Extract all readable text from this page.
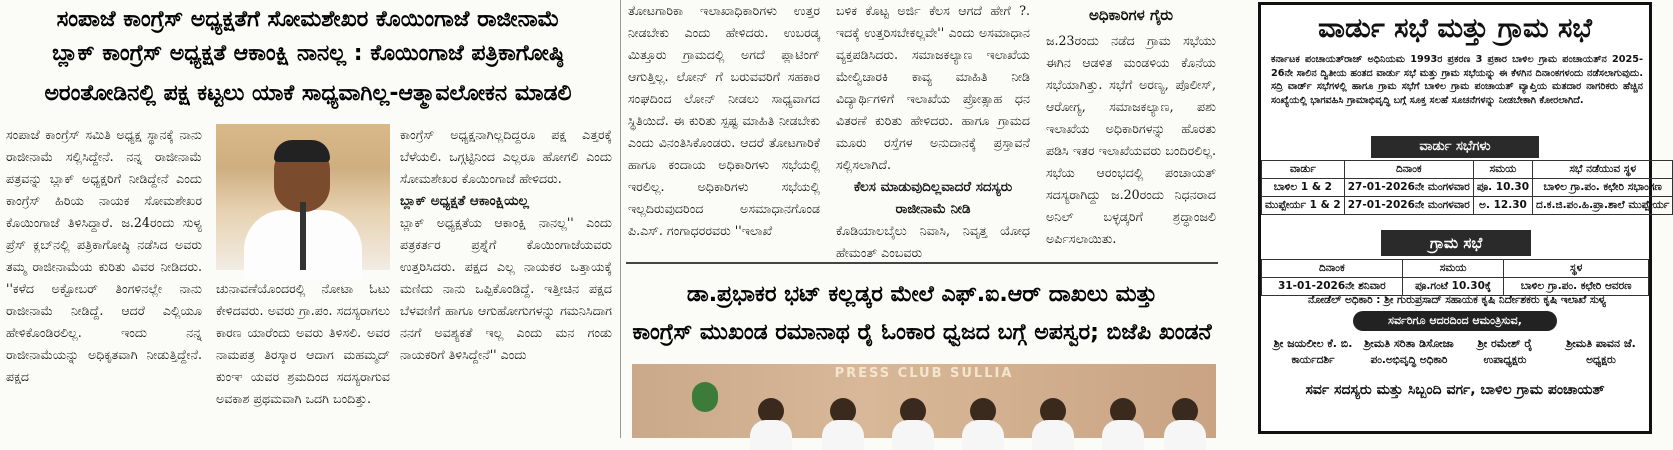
ಸಂಪಾಜೆ ಕಾಂಗ್ರೆಸ್ ಅಧ್ಯಕ್ಷತೆಗೆ ಸೋಮಶೇಖರ ಕೊಯಿಂಗಾಜೆ ರಾಜೀನಾಮೆ
ಬ್ಲಾಕ್ ಕಾಂಗ್ರೆಸ್ ಅಧ್ಯಕ್ಷತೆ ಆಕಾಂಕ್ಷಿ ನಾನಲ್ಲ : ಕೊಯಿಂಗಾಜೆ ಪತ್ರಿಕಾಗೋಷ್ಠಿ
ಅರಂತೋಡಿನಲ್ಲಿ ಪಕ್ಷ ಕಟ್ಟಲು ಯಾಕೆ ಸಾಧ್ಯವಾಗಿಲ್ಲ-ಆತ್ಮಾವಲೋಕನ ಮಾಡಲಿ
ಸಂಪಾಜೆ ಕಾಂಗ್ರೆಸ್ ಸಮಿತಿ ಅಧ್ಯಕ್ಷ ಸ್ಥಾನಕ್ಕೆ ನಾನು ರಾಜೀನಾಮೆ ಸಲ್ಲಿಸಿದ್ದೇನೆ. ನನ್ನ ರಾಜೀನಾಮೆ ಪತ್ರವನ್ನು ಬ್ಲಾಕ್ ಅಧ್ಯಕ್ಷರಿಗೆ ನೀಡಿದ್ದೇನೆ ಎಂದು ಕಾಂಗ್ರೆಸ್ ಹಿರಿಯ ನಾಯಕ ಸೋಮಶೇಖರ ಕೊಯಿಂಗಾಜೆ ತಿಳಿಸಿದ್ದಾರೆ. ಜ.24ರಂದು ಸುಳ್ಯ ಪ್ರೆಸ್ ಕ್ಲಬ್‌ನಲ್ಲಿ ಪತ್ರಿಕಾಗೋಷ್ಠಿ ನಡೆಸಿದ ಅವರು ತಮ್ಮ ರಾಜೀನಾಮೆಯ ಕುರಿತು ವಿವರ ನೀಡಿದರು. ''ಕಳೆದ ಅಕ್ಟೋಬರ್ ತಿಂಗಳಿನಲ್ಲೇ ನಾನು ರಾಜೀನಾಮೆ ನೀಡಿದ್ದೆ. ಆದರೆ ಎಲ್ಲಿಯೂ ಹೇಳಿಕೊಂಡಿರಲಿಲ್ಲ. ಇಂದು ನನ್ನ ರಾಜೀನಾಮೆಯನ್ನು ಅಧಿಕೃತವಾಗಿ ನೀಡುತ್ತಿದ್ದೇನೆ. ಪಕ್ಷದ
ಚುನಾವಣೆಯೊಂದರಲ್ಲಿ ನೋಟಾ ಓಟು ಕೇಳಿದವರು. ಅವರು ಗ್ರಾ.ಪಂ. ಸದಸ್ಯರಾಗಲು ಕಾರಣ ಯಾರೆಂದು ಅವರು ತಿಳಿಸಲಿ. ಅವರ ನಾಮಪತ್ರ ತಿರಸ್ಕಾರ ಆದಾಗ ಮಹಮ್ಮದ್ ಕುಂಞ ಯವರ ಶ್ರಮದಿಂದ ಸದಸ್ಯರಾಗುವ ಅವಕಾಶ ಪ್ರಥಮವಾಗಿ ಒದಗಿ ಬಂದಿತ್ತು.
ಕಾಂಗ್ರೆಸ್ ಅಧ್ಯಕ್ಷನಾಗಿಲ್ಲದಿದ್ದರೂ ಪಕ್ಷ ಎತ್ತರಕ್ಕೆ ಬೆಳೆಯಲಿ. ಒಗ್ಗಟ್ಟಿನಿಂದ ಎಲ್ಲರೂ ಹೋಗಲಿ ಎಂದು ಸೋಮಶೇಖರ ಕೊಯಿಂಗಾಜೆ ಹೇಳಿದರು.
ಬ್ಲಾಕ್ ಅಧ್ಯಕ್ಷತೆ ಆಕಾಂಕ್ಷಿಯಲ್ಲ
ಬ್ಲಾಕ್ ಅಧ್ಯಕ್ಷತೆಯ ಆಕಾಂಕ್ಷಿ ನಾನಲ್ಲ'' ಎಂದು ಪತ್ರಕರ್ತರ ಪ್ರಶ್ನೆಗೆ ಕೊಯಿಂಗಾಜೆಯವರು ಉತ್ತರಿಸಿದರು. ಪಕ್ಷದ ಎಲ್ಲ ನಾಯಕರ ಒತ್ತಾಯಕ್ಕೆ ಮಣಿದು ನಾನು ಒಪ್ಪಿಕೊಂಡಿದ್ದೆ. ಇತ್ತೀಚಿನ ಪಕ್ಷದ ಬೆಳವಣಿಗೆ ಹಾಗೂ ಆಗುಹೋಗುಗಳನ್ನು ಗಮನಿಸಿದಾಗ ನನಗೆ ಅವಶ್ಯಕತೆ ಇಲ್ಲ ಎಂದು ಮನ ಗಂಡು ನಾಯಕರಿಗೆ ತಿಳಿಸಿದ್ದೇನೆ'' ಎಂದು
ತೋಟಗಾರಿಕಾ ಇಲಾಖಾಧಿಕಾರಿಗಳು ಉತ್ತರ ನೀಡಬೇಕು ಎಂದು ಹೇಳಿದರು. ಉಬರಡ್ಕ ಮಿತ್ತೂರು ಗ್ರಾಮದಲ್ಲಿ ಅಗದೆ ಪ್ಲಾಟಿಂಗ್ ಆಗುತ್ತಿಲ್ಲ. ಲೋನ್ ಗೆ ಬರುವವರಿಗೆ ಸಹಕಾರ ಸಂಘದಿಂದ ಲೋನ್ ನೀಡಲು ಸಾಧ್ಯವಾಗದ ಸ್ಥಿತಿಯಿದೆ. ಈ ಕುರಿತು ಸ್ಪಷ್ಟ ಮಾಹಿತಿ ನೀಡಬೇಕು ಎಂದು ವಿನಂತಿಸಿಕೊಂಡರು. ಆದರೆ ತೋಟಗಾರಿಕೆ ಹಾಗೂ ಕಂದಾಯ ಅಧಿಕಾರಿಗಳು ಸಭೆಯಲ್ಲಿ ಇರಲಿಲ್ಲ. ಅಧಿಕಾರಿಗಳು ಸಭೆಯಲ್ಲಿ ಇಲ್ಲದಿರುವುದರಿಂದ ಅಸಮಾಧಾನಗೊಂಡ ಪಿ.ಎಸ್. ಗಂಗಾಧರರವರು ''ಇಲಾಖೆ
ಬಳಿಕ ಕೊಟ್ಟ ಅರ್ಜಿ ಕೆಲಸ ಆಗದೆ ಹೇಗೆ ?. ಇದಕ್ಕೆ ಉತ್ತರಿಸಬೇಕಲ್ಲವೇ'' ಎಂದು ಅಸಮಾಧಾನ ವ್ಯಕ್ತಪಡಿಸಿದರು. ಸಮಾಜಕಲ್ಯಾಣ ಇಲಾಖೆಯ ಮೇಲ್ವಿಚಾರಕಿ ಕಾವ್ಯ ಮಾಹಿತಿ ನೀಡಿ ವಿದ್ಯಾರ್ಥಿಗಳಿಗೆ ಇಲಾಖೆಯ ಪ್ರೋತ್ಸಾಹ ಧನ ವಿತರಣೆ ಕುರಿತು ಹೇಳಿದರು. ಹಾಗೂ ಗ್ರಾಮದ ಮೂರು ರಸ್ತೆಗಳ ಅನುದಾನಕ್ಕೆ ಪ್ರಸ್ತಾವನೆ ಸಲ್ಲಿಸಲಾಗಿದೆ.
ಕೆಲಸ ಮಾಡುವುದಿಲ್ಲವಾದರೆ ಸದಸ್ಯರು ರಾಜೀನಾಮೆ ನೀಡಿ
ಕೊಡಿಯಾಲಬೈಲು ನಿವಾಸಿ, ನಿವೃತ್ತ ಯೋಧ ಹೇಮಂತ್ ಎಂಬವರು
ಅಧಿಕಾರಿಗಳ ಗೈರು
ಜ.23ರಂದು ನಡೆದ ಗ್ರಾಮ ಸಭೆಯು ಈಗಿನ ಆಡಳಿತ ಮಂಡಳಿಯ ಕೊನೆಯ ಸಭೆಯಾಗಿತ್ತು. ಸಭೆಗೆ ಅರಣ್ಯ, ಪೊಲೀಸ್, ಆರೋಗ್ಯ, ಸಮಾಜಕಲ್ಯಾಣ, ಪಶು ಇಲಾಖೆಯ ಅಧಿಕಾರಿಗಳನ್ನು ಹೊರತು ಪಡಿಸಿ ಇತರ ಇಲಾಖೆಯವರು ಬಂದಿರಲಿಲ್ಲ. ಸಭೆಯ ಆರಂಭದಲ್ಲಿ ಪಂಚಾಯತ್ ಸದಸ್ಯರಾಗಿದ್ದು ಜ.20ರಂದು ನಿಧನರಾದ ಅನಿಲ್ ಬಳ್ಳಡ್ಕರಿಗೆ ಶ್ರದ್ಧಾಂಜಲಿ ಅರ್ಪಿಸಲಾಯಿತು.
ಡಾ.ಪ್ರಭಾಕರ ಭಟ್ ಕಲ್ಲಡ್ಕರ ಮೇಲೆ ಎಫ್.ಐ.ಆರ್ ದಾಖಲು ಮತ್ತು
ಕಾಂಗ್ರೆಸ್ ಮುಖಂಡ ರಮಾನಾಥ ರೈ ಓಂಕಾರ ಧ್ವಜದ ಬಗ್ಗೆ ಅಪಸ್ವರ; ಬಿಜೆಪಿ ಖಂಡನೆ
PRESS CLUB SULLIA
ವಾರ್ಡು ಸಭೆ ಮತ್ತು ಗ್ರಾಮ ಸಭೆ
ಕರ್ನಾಟಕ ಪಂಚಾಯತ್‌ರಾಜ್ ಅಧಿನಿಯಮ 1993ರ ಪ್ರಕರಣ 3 ಪ್ರಕಾರ ಬಾಳಿಲ ಗ್ರಾಮ ಪಂಚಾಯತ್‌ನ 2025-26ನೇ ಸಾಲಿನ ದ್ವಿತೀಯ ಹಂತದ ವಾರ್ಡು ಸಭೆ ಮತ್ತು ಗ್ರಾಮ ಸಭೆಯನ್ನು ಈ ಕೆಳಗಿನ ದಿನಾಂಕಗಳಂದು ನಡೆಸಲಾಗುವುದು. ಸದ್ರಿ ವಾರ್ಡ್ ಸಭೆಗಳಲ್ಲಿ ಹಾಗೂ ಗ್ರಾಮ ಸಭೆಗೆ ಬಾಳಿಲ ಗ್ರಾಮ ಪಂಚಾಯತ್ ವ್ಯಾಪ್ತಿಯ ಮತದಾರ ನಾಗರಿಕರು ಹೆಚ್ಚಿನ ಸಂಖ್ಯೆಯಲ್ಲಿ ಭಾಗವಹಿಸಿ ಗ್ರಾಮಾಭಿವೃದ್ಧಿ ಬಗ್ಗೆ ಸೂಕ್ತ ಸಲಹೆ ಸೂಚನೆಗಳನ್ನು ನೀಡಬೇಕಾಗಿ ಕೋರಲಾಗಿದೆ.
ವಾರ್ಡು ಸಭೆಗಳು
ವಾರ್ಡು	ದಿನಾಂಕ	ಸಮಯ	ಸಭೆ ನಡೆಯುವ ಸ್ಥಳ
ಬಾಳಿಲ 1 & 2	27-01-2026ನೇ ಮಂಗಳವಾರ	ಪೂ. 10.30	ಬಾಳಿಲ ಗ್ರಾ.ಪಂ. ಕಛೇರಿ ಸಭಾಂಗಣ
ಮುಪ್ಪೇರ್ಯ 1 & 2	27-01-2026ನೇ ಮಂಗಳವಾರ	ಅ. 12.30	ದ.ಕ.ಜಿ.ಪಂ.ಹಿ.ಪ್ರಾ.ಶಾಲೆ ಮುಪ್ಪೇರ್ಯ
ಗ್ರಾಮ ಸಭೆ
ದಿನಾಂಕ	ಸಮಯ	ಸ್ಥಳ
31-01-2026ನೇ ಶನಿವಾರ	ಪೂ.ಗಂಟೆ 10.30ಕ್ಕೆ	ಬಾಳಿಲ ಗ್ರಾ.ಪಂ. ಕಛೇರಿ ಆವರಣ
ನೋಡೆಲ್ ಅಧಿಕಾರಿ : ಶ್ರೀ ಗುರುಪ್ರಸಾದ್ ಸಹಾಯಕ ಕೃಷಿ ನಿರ್ದೇಶಕರು ಕೃಷಿ ಇಲಾಖೆ ಸುಳ್ಯ
ಸರ್ವರಿಗೂ ಆದರದಿಂದ ಆಮಂತ್ರಿಸುವ,
ಶ್ರೀ ಜಯಲೀಲ ಕೆ. ಬಿ.
ಕಾರ್ಯದರ್ಶಿ
ಶ್ರೀಮತಿ ಸರಿತಾ ಡಿಸೋಜಾ
ಪಂ.ಅಭಿವೃದ್ಧಿ ಅಧಿಕಾರಿ
ಶ್ರೀ ರಮೇಶ್ ರೈ
ಉಪಾಧ್ಯಕ್ಷರು
ಶ್ರೀಮತಿ ಪಾವನ ಜೆ.
ಅಧ್ಯಕ್ಷರು
ಸರ್ವ ಸದಸ್ಯರು ಮತ್ತು ಸಿಬ್ಬಂದಿ ವರ್ಗ, ಬಾಳಿಲ ಗ್ರಾಮ ಪಂಚಾಯತ್
